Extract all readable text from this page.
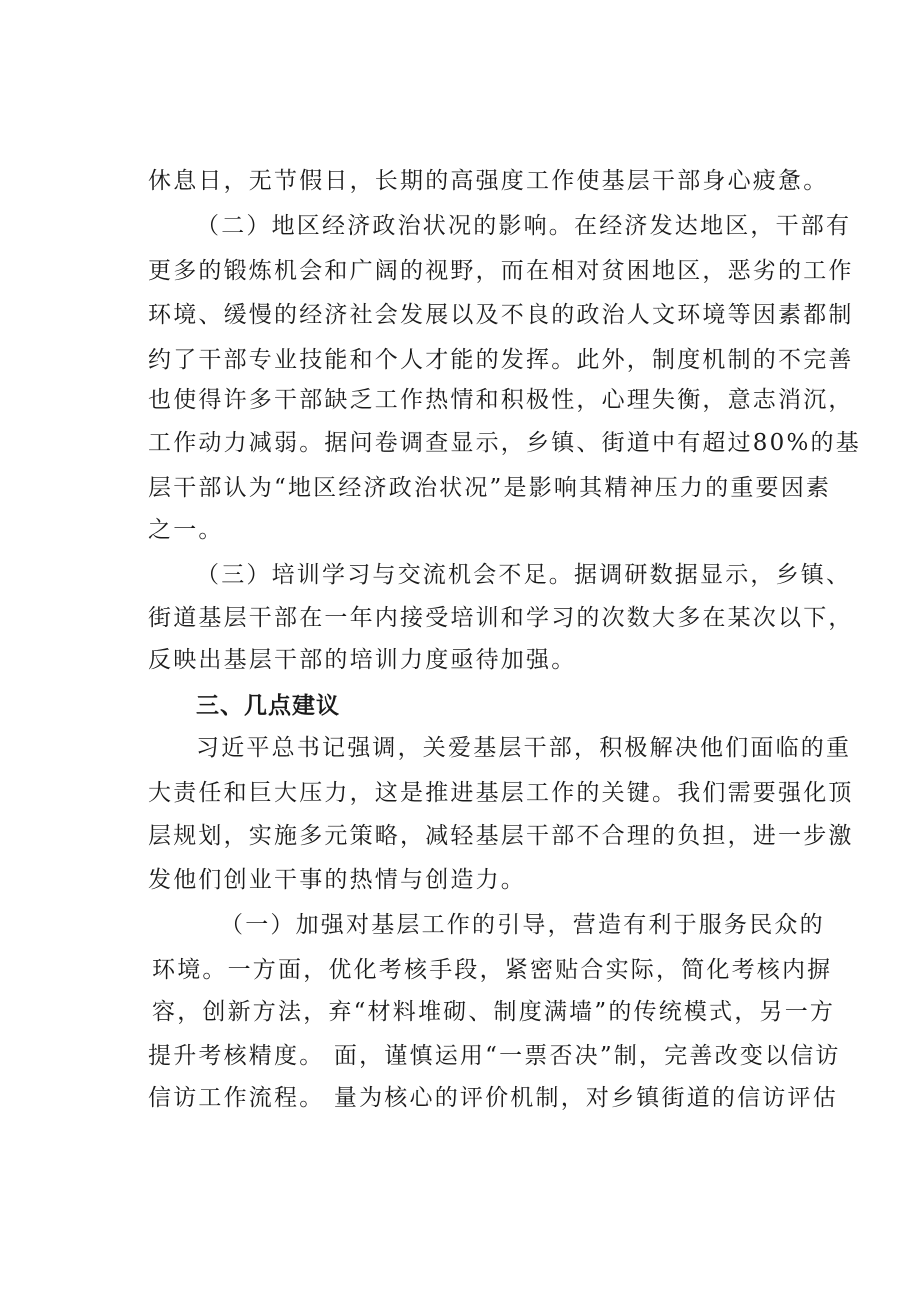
休息日，无节假日，长期的高强度工作使基层干部身心疲惫。
（二）地区经济政治状况的影响。在经济发达地区，干部有
更多的锻炼机会和广阔的视野，而在相对贫困地区，恶劣的工作
环境、缓慢的经济社会发展以及不良的政治人文环境等因素都制
约了干部专业技能和个人才能的发挥。此外，制度机制的不完善
也使得许多干部缺乏工作热情和积极性，心理失衡，意志消沉，
工作动力减弱。据问卷调查显示，乡镇、街道中有超过80%的基
层干部认为“地区经济政治状况”是影响其精神压力的重要因素
之一。
（三）培训学习与交流机会不足。据调研数据显示，乡镇、
街道基层干部在一年内接受培训和学习的次数大多在某次以下，
反映出基层干部的培训力度亟待加强。
三、几点建议
习近平总书记强调，关爱基层干部，积极解决他们面临的重
大责任和巨大压力，这是推进基层工作的关键。我们需要强化顶
层规划，实施多元策略，减轻基层干部不合理的负担，进一步激
发他们创业干事的热情与创造力。
（一）加强对基层工作的引导，营造有利于服务民众的
环境。一方面，优化考核手段，紧密贴合实际，简化考核内摒
容，创新方法，弃“材料堆砌、制度满墙”的传统模式，另一方
提升考核精度。 面，谨慎运用“一票否决”制，完善改变以信访
信访工作流程。 量为核心的评价机制，对乡镇街道的信访评估
